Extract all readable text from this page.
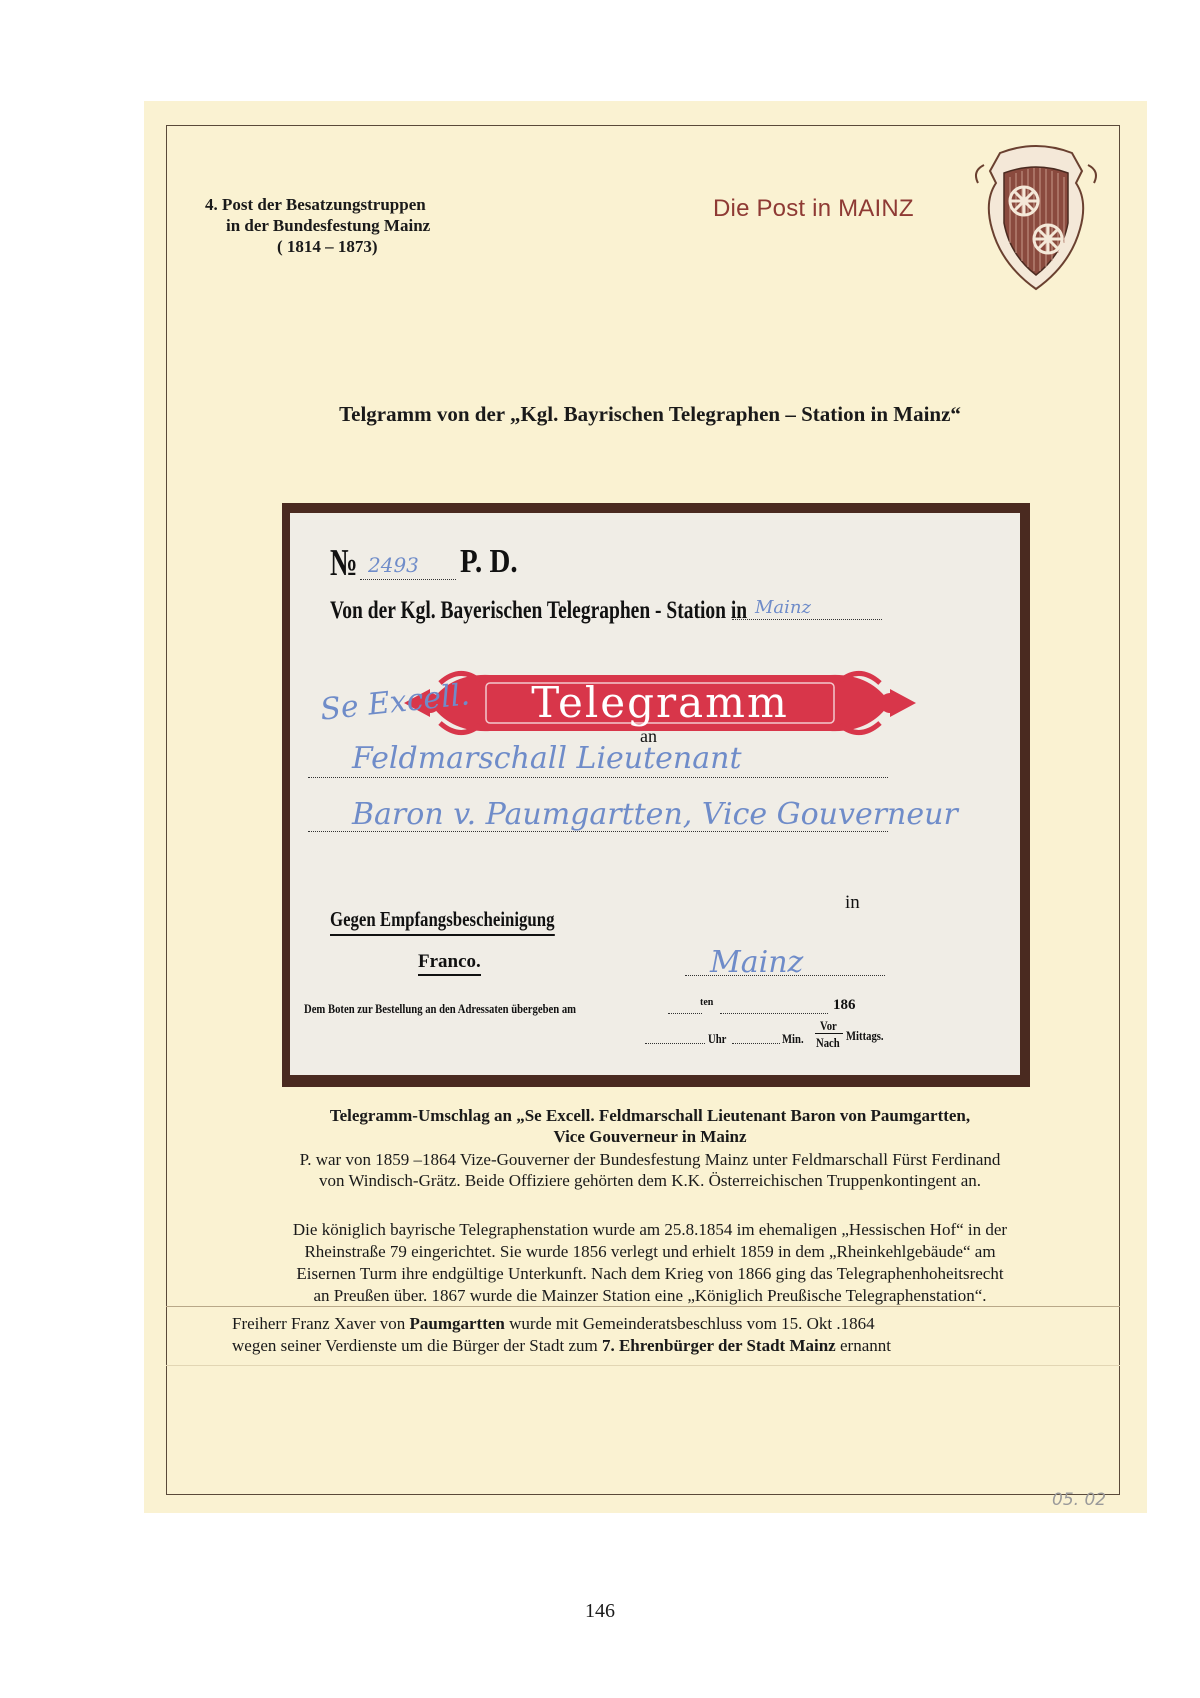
4. Post der Besatzungstruppen
in der Bundesfestung Mainz
( 1814 – 1873)
Die Post in MAINZ
Telgramm von der „Kgl. Bayrischen Telegraphen – Station in Mainz“
№ 2493 P. D.
Von der Kgl. Bayerischen Telegraphen - Station in Mainz
Telegramm
Se Excell.
an
Feldmarschall Lieutenant
Baron v. Paumgartten, Vice Gouverneur
in
Gegen Empfangsbescheinigung
Franco.	Mainz
Dem Boten zur Bestellung an den Adressaten übergeben am	ten	186
Uhr	Min.
Vor
Nach Mittags.
Telegramm-Umschlag an „Se Excell. Feldmarschall Lieutenant Baron von Paumgartten,
Vice Gouverneur in Mainz
P. war von 1859 –1864 Vize-Gouverner der Bundesfestung Mainz unter Feldmarschall Fürst Ferdinand
von Windisch-Grätz. Beide Offiziere gehörten dem K.K. Österreichischen Truppenkontingent an.
Die königlich bayrische Telegraphenstation wurde am 25.8.1854 im ehemaligen „Hessischen Hof“ in der
Rheinstraße 79 eingerichtet. Sie wurde 1856 verlegt und erhielt 1859 in dem „Rheinkehlgebäude“ am
Eisernen Turm ihre endgültige Unterkunft. Nach dem Krieg von 1866 ging das Telegraphenhoheitsrecht
an Preußen über. 1867 wurde die Mainzer Station eine „Königlich Preußische Telegraphenstation“.
Freiherr Franz Xaver von Paumgartten wurde mit Gemeinderatsbeschluss vom 15. Okt .1864
wegen seiner Verdienste um die Bürger der Stadt zum 7. Ehrenbürger der Stadt Mainz ernannt
05. 02
146
